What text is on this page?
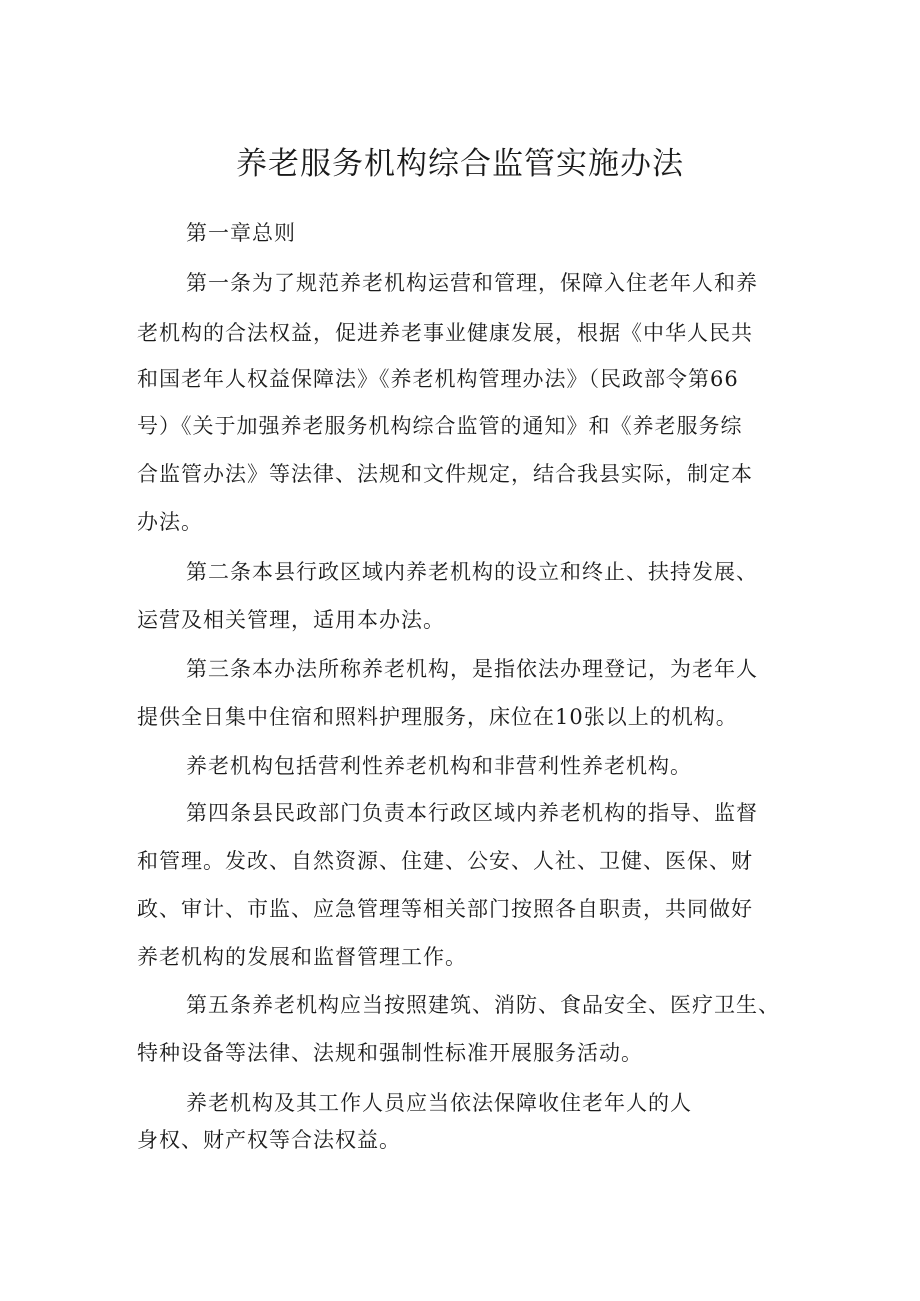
养老服务机构综合监管实施办法
第一章总则
第一条为了规范养老机构运营和管理，保障入住老年人和养
老机构的合法权益，促进养老事业健康发展，根据《中华人民共
和国老年人权益保障法》《养老机构管理办法》（民政部令第66
号）《关于加强养老服务机构综合监管的通知》和《养老服务综
合监管办法》等法律、法规和文件规定，结合我县实际，制定本
办法。
第二条本县行政区域内养老机构的设立和终止、扶持发展、
运营及相关管理，适用本办法。
第三条本办法所称养老机构，是指依法办理登记，为老年人
提供全日集中住宿和照料护理服务，床位在10张以上的机构。
养老机构包括营利性养老机构和非营利性养老机构。
第四条县民政部门负责本行政区域内养老机构的指导、监督
和管理。发改、自然资源、住建、公安、人社、卫健、医保、财
政、审计、市监、应急管理等相关部门按照各自职责，共同做好
养老机构的发展和监督管理工作。
第五条养老机构应当按照建筑、消防、食品安全、医疗卫生、
特种设备等法律、法规和强制性标准开展服务活动。
养老机构及其工作人员应当依法保障收住老年人的人
身权、财产权等合法权益。
